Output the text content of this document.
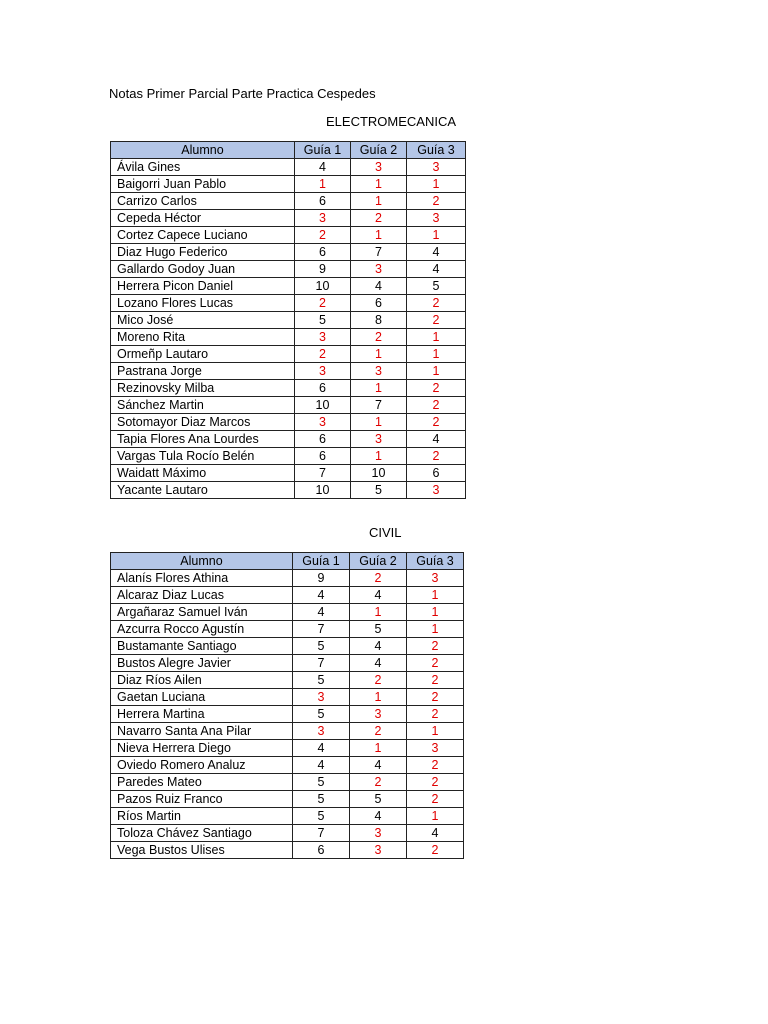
Notas Primer Parcial Parte Practica Cespedes
ELECTROMECANICA
Alumno	Guía 1	Guía 2	Guía 3
Ávila Gines	4	3	3
Baigorri Juan Pablo	1	1	1
Carrizo Carlos	6	1	2
Cepeda Héctor	3	2	3
Cortez Capece Luciano	2	1	1
Diaz Hugo Federico	6	7	4
Gallardo Godoy Juan	9	3	4
Herrera Picon Daniel	10	4	5
Lozano Flores Lucas	2	6	2
Mico José	5	8	2
Moreno Rita	3	2	1
Ormeñp Lautaro	2	1	1
Pastrana Jorge	3	3	1
Rezinovsky Milba	6	1	2
Sánchez Martin	10	7	2
Sotomayor Diaz Marcos	3	1	2
Tapia Flores Ana Lourdes	6	3	4
Vargas Tula Rocío Belén	6	1	2
Waidatt Máximo	7	10	6
Yacante Lautaro	10	5	3
CIVIL
Alumno	Guía 1	Guía 2	Guía 3
Alanís Flores Athina	9	2	3
Alcaraz Diaz Lucas	4	4	1
Argañaraz Samuel Iván	4	1	1
Azcurra Rocco Agustín	7	5	1
Bustamante Santiago	5	4	2
Bustos Alegre Javier	7	4	2
Diaz Ríos Ailen	5	2	2
Gaetan Luciana	3	1	2
Herrera Martina	5	3	2
Navarro Santa Ana Pilar	3	2	1
Nieva Herrera Diego	4	1	3
Oviedo Romero Analuz	4	4	2
Paredes Mateo	5	2	2
Pazos Ruiz Franco	5	5	2
Ríos Martin	5	4	1
Toloza Chávez Santiago	7	3	4
Vega Bustos Ulises	6	3	2
